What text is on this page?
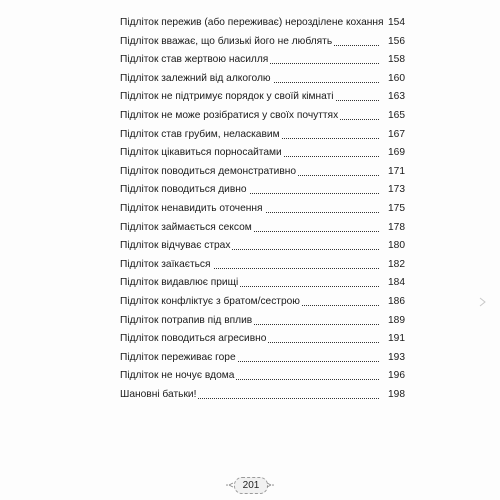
Підліток пережив (або переживає) нерозділене кохання 154
Підліток вважає, що близькі його не люблять	156
Підліток став жертвою насилля	158
Підліток залежний від алкоголю	160
Підліток не підтримує порядок у своїй кімнаті	163
Підліток не може розібратися у своїх почуттях	165
Підліток став грубим, неласкавим	167
Підліток цікавиться порносайтами	169
Підліток поводиться демонстративно	171
Підліток поводиться дивно	173
Підліток ненавидить оточення	175
Підліток займається сексом	178
Підліток відчуває страх	180
Підліток заїкається	182
Підліток видавлює прищі	184
Підліток конфліктує з братом/сестрою	186
Підліток потрапив під вплив	189
Підліток поводиться агресивно	191
Підліток переживає горе	193
Підліток не ночує вдома	196
Шановні батьки!	198
201
